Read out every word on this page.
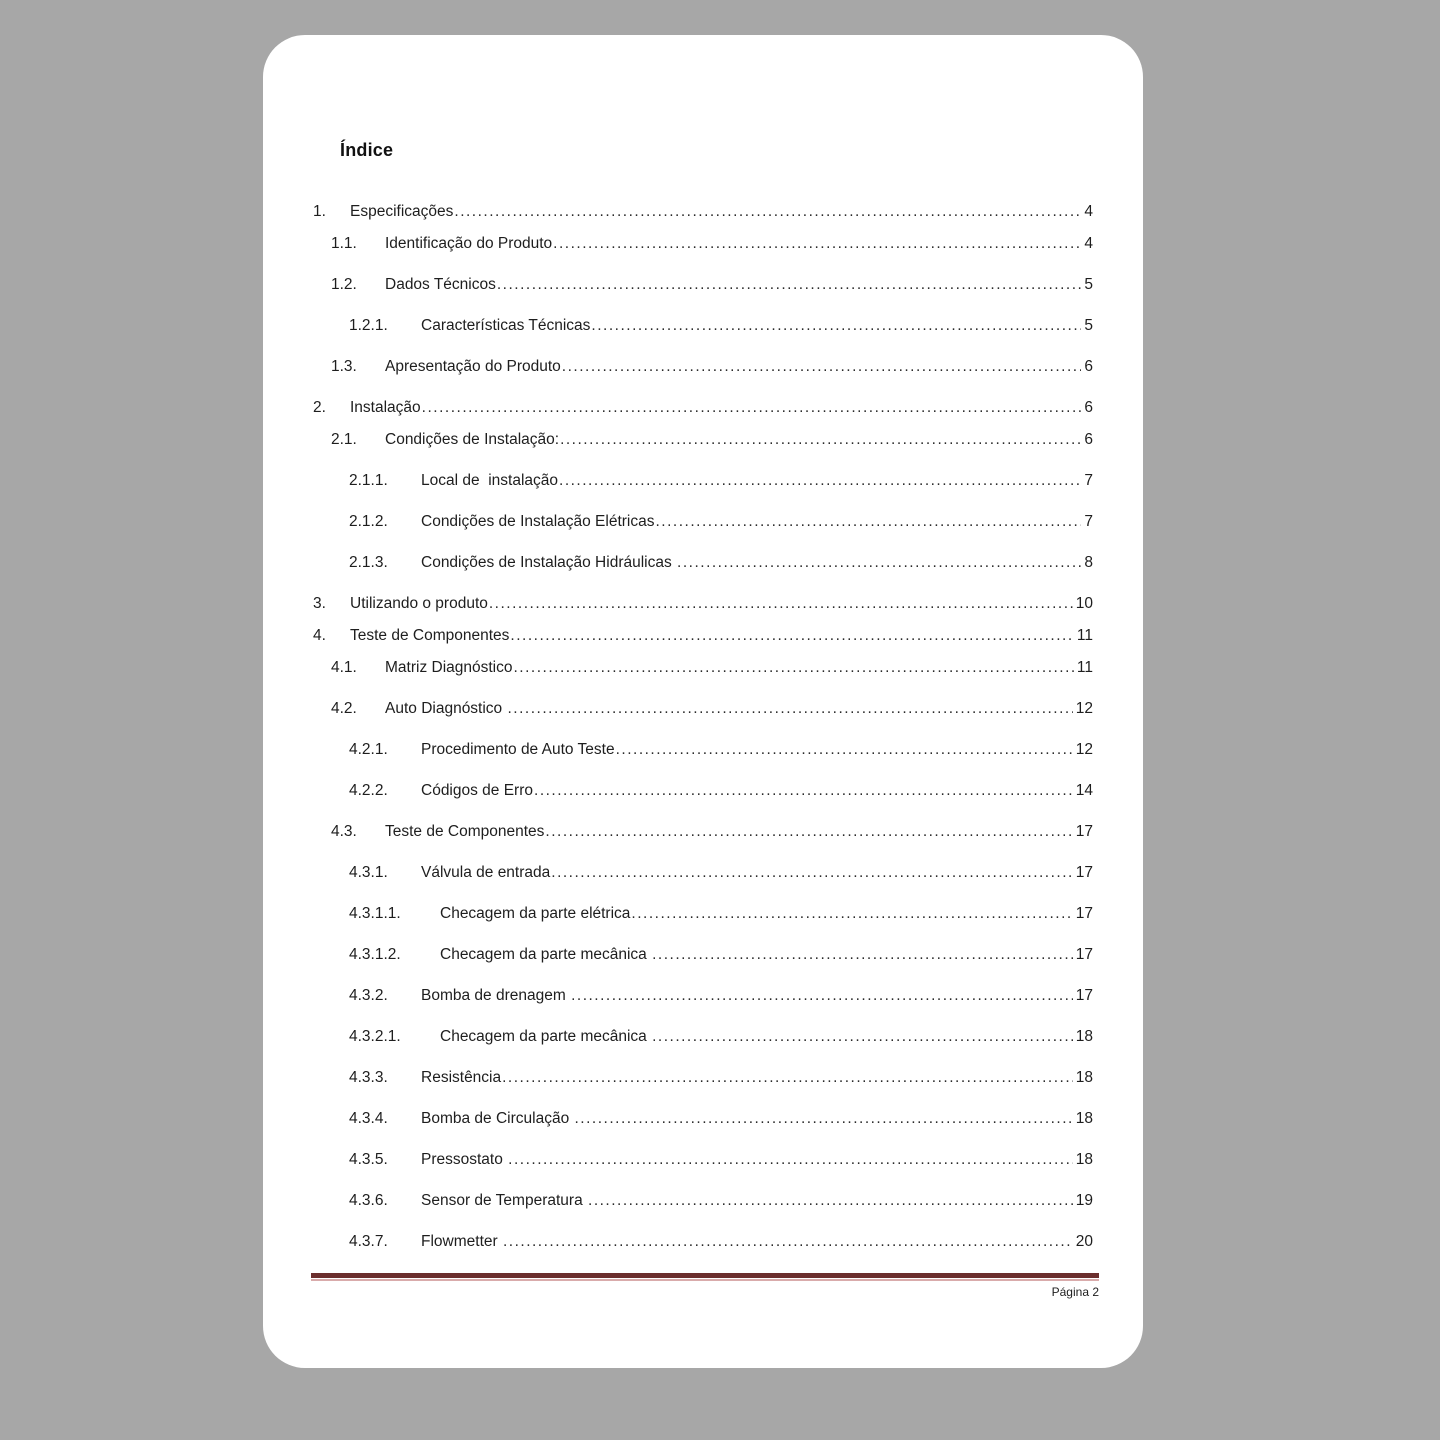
Índice
1.	Especificações .....	4
1.1.	Identificação do Produto .....	4
1.2.	Dados Técnicos .....	5
1.2.1.	Características Técnicas .....	5
1.3.	Apresentação do Produto .....	6
2.	Instalação .....	6
2.1.	Condições de Instalação: .....	6
2.1.1.	Local de  instalação .....	7
2.1.2.	Condições de Instalação Elétricas .....	7
2.1.3.	Condições de Instalação Hidráulicas .....	8
3.	Utilizando o produto .....	10
4.	Teste de Componentes .....	11
4.1.	Matriz Diagnóstico .....	11
4.2.	Auto Diagnóstico .....	12
4.2.1.	Procedimento de Auto Teste .....	12
4.2.2.	Códigos de Erro .....	14
4.3.	Teste de Componentes .....	17
4.3.1.	Válvula de entrada .....	17
4.3.1.1.	Checagem da parte elétrica .....	17
4.3.1.2.	Checagem da parte mecânica .....	17
4.3.2.	Bomba de drenagem .....	17
4.3.2.1.	Checagem da parte mecânica .....	18
4.3.3.	Resistência .....	18
4.3.4.	Bomba de Circulação .....	18
4.3.5.	Pressostato .....	18
4.3.6.	Sensor de Temperatura .....	19
4.3.7.	Flowmetter .....	20
Página 2
